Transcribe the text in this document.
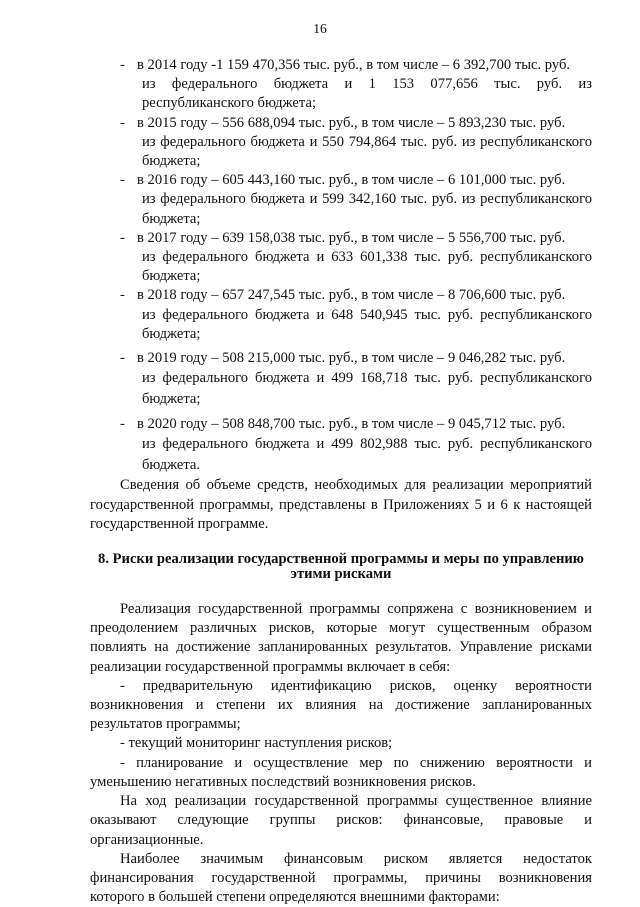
16
- в 2014 году -1 159 470,356 тыс. руб., в том числе – 6 392,700 тыс. руб.
из федерального бюджета и 1 153 077,656 тыс. руб. из республиканского бюджета;
- в 2015 году – 556 688,094 тыс. руб., в том числе – 5 893,230 тыс. руб.
из федерального бюджета и 550 794,864 тыс. руб. из республиканского бюджета;
- в 2016 году – 605 443,160 тыс. руб., в том числе – 6 101,000 тыс. руб.
из федерального бюджета и 599 342,160 тыс. руб. из республиканского бюджета;
- в 2017 году – 639 158,038 тыс. руб., в том числе – 5 556,700 тыс. руб.
из федерального бюджета и 633 601,338 тыс. руб. республиканского бюджета;
- в 2018 году – 657 247,545 тыс. руб., в том числе – 8 706,600 тыс. руб.
из федерального бюджета и 648 540,945 тыс. руб. республиканского бюджета;
- в 2019 году – 508 215,000 тыс. руб., в том числе – 9 046,282 тыс. руб.
из федерального бюджета и 499 168,718 тыс. руб. республиканского бюджета;
- в 2020 году – 508 848,700 тыс. руб., в том числе – 9 045,712 тыс. руб.
из федерального бюджета и 499 802,988 тыс. руб. республиканского бюджета.
Сведения об объеме средств, необходимых для реализации мероприятий государственной программы, представлены в Приложениях 5 и 6 к настоящей государственной программе.
8. Риски реализации государственной программы и меры по управлению
этими рисками
Реализация государственной программы сопряжена с возникновением и преодолением различных рисков, которые могут существенным образом повлиять на достижение запланированных результатов. Управление рисками реализации государственной программы включает в себя:
- предварительную идентификацию рисков, оценку вероятности возникновения и степени их влияния на достижение запланированных результатов программы;
- текущий мониторинг наступления рисков;
- планирование и осуществление мер по снижению вероятности и уменьшению негативных последствий возникновения рисков.
На ход реализации государственной программы существенное влияние оказывают следующие группы рисков: финансовые, правовые и организационные.
Наиболее значимым финансовым риском является недостаток финансирования государственной программы, причины возникновения которого в большей степени определяются внешними факторами:
